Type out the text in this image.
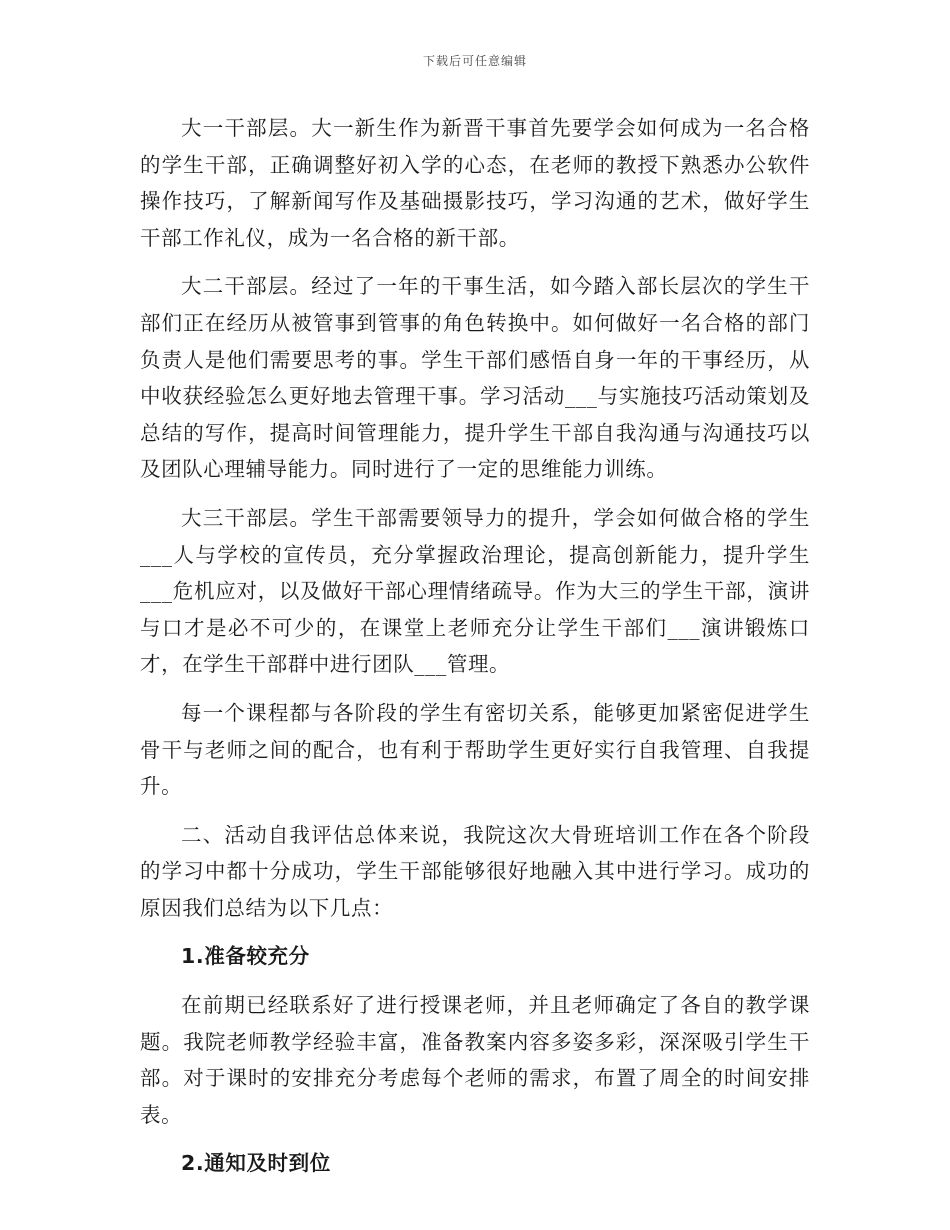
下载后可任意编辑

大一干部层。大一新生作为新晋干事首先要学会如何成为一名合格的学生干部，正确调整好初入学的心态，在老师的教授下熟悉办公软件操作技巧，了解新闻写作及基础摄影技巧，学习沟通的艺术，做好学生干部工作礼仪，成为一名合格的新干部。

大二干部层。经过了一年的干事生活，如今踏入部长层次的学生干部们正在经历从被管事到管事的角色转换中。如何做好一名合格的部门负责人是他们需要思考的事。学生干部们感悟自身一年的干事经历，从中收获经验怎么更好地去管理干事。学习活动___与实施技巧活动策划及总结的写作，提高时间管理能力，提升学生干部自我沟通与沟通技巧以及团队心理辅导能力。同时进行了一定的思维能力训练。

大三干部层。学生干部需要领导力的提升，学会如何做合格的学生___人与学校的宣传员，充分掌握政治理论，提高创新能力，提升学生___危机应对，以及做好干部心理情绪疏导。作为大三的学生干部，演讲与口才是必不可少的，在课堂上老师充分让学生干部们___演讲锻炼口才，在学生干部群中进行团队___管理。

每一个课程都与各阶段的学生有密切关系，能够更加紧密促进学生骨干与老师之间的配合，也有利于帮助学生更好实行自我管理、自我提升。

二、活动自我评估总体来说，我院这次大骨班培训工作在各个阶段的学习中都十分成功，学生干部能够很好地融入其中进行学习。成功的原因我们总结为以下几点：

1.准备较充分

在前期已经联系好了进行授课老师，并且老师确定了各自的教学课题。我院老师教学经验丰富，准备教案内容多姿多彩，深深吸引学生干部。对于课时的安排充分考虑每个老师的需求，布置了周全的时间安排表。

2.通知及时到位
